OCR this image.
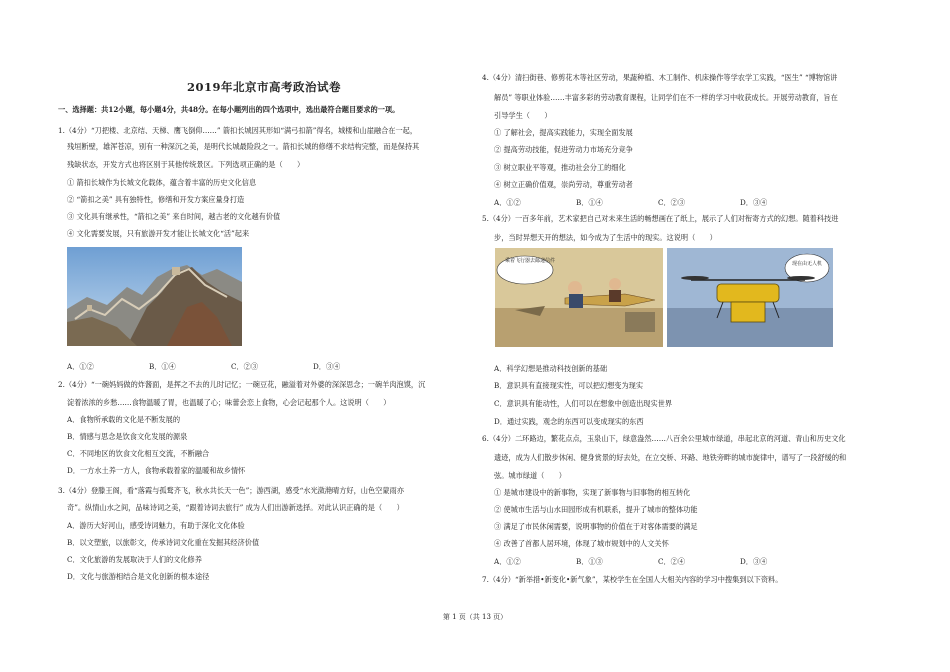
2019年北京市高考政治试卷
一、选择题：共12小题，每小题4分，共48分。在每小题列出的四个选项中，选出最符合题目要求的一项。
1.（4分）“刀把楼、北京结、天梯、鹰飞倒仰……” 箭扣长城因其形如“满弓扣箭”得名，城楼和山崖融合在一起，
残垣断壁，雄浑苍凉，别有一种深沉之美，是明代长城最险段之一。箭扣长城的修缮不求结构完整，而是保持其
残缺状态，开发方式也将区别于其他传统景区。下列选项正确的是（　　）
① 箭扣长城作为长城文化载体，蕴含着丰富的历史文化信息
② “箭扣之美” 具有独特性，修缮和开发方案应量身打造
③ 文化具有继承性，“箭扣之美” 来自时间，越古老的文化越有价值
④ 文化需要发展，只有旅游开发才能让长城文化“活”起来
A．①②	B．①④	C．②③	D．③④
2.（4分）“一碗妈妈做的炸酱面，是挥之不去的儿时记忆；一碗豆花，融溢着对外婆的深深思念；一碗羊肉泡馍，沉
淀着浓浓的乡愁……食物温暖了胃，也温暖了心；味蕾会恋上食物，心会记起那个人。这说明（　　）
A．食物所承载的文化是不断发展的
B．情感与思念是饮食文化发展的源泉
C．不同地区的饮食文化相互交流，不断融合
D．一方水土养一方人，食物承载着家的温暖和故乡情怀
3.（4分）登滕王阁，看“落霞与孤鹜齐飞，秋水共长天一色”；游西湖，感受“水光潋滟晴方好，山色空蒙雨亦
奇”。纵情山水之间，品味诗词之美，“跟着诗词去旅行” 成为人们出游新选择。对此认识正确的是（　　）
A．游历大好河山，感受诗词魅力，有助于深化文化体验
B．以文塑旅，以旅彰文，传承诗词文化重在发掘其经济价值
C．文化旅游的发展取决于人们的文化修养
D．文化与旅游相结合是文化创新的根本途径
4.（4分）清扫街巷、修剪花木等社区劳动，果蔬种植、木工制作、机床操作等学农学工实践，“医生” “博物馆讲
解员” 等职业体验……丰富多彩的劳动教育课程，让同学们在不一样的学习中收获成长。开展劳动教育，旨在
引导学生（　　）
① 了解社会，提高实践能力，实现全面发展
② 提高劳动技能，促进劳动力市场充分竞争
③ 树立职业平等观，推动社会分工的细化
④ 树立正确价值观，崇尚劳动，尊重劳动者
A．①②	B．①④	C．②③	D．③④
5.（4分）一百多年前，艺术家把自己对未来生活的畅想画在了纸上，展示了人们对衔寄方式的幻想。随着科技进
步，当时异想天开的想法，如今成为了生活中的现实。这说明（　　）
乘着飞行器去邮递信件	现在由无人机
A．科学幻想是推动科技创新的基础
B．意识具有直接现实性，可以把幻想变为现实
C．意识具有能动性，人们可以在想象中创造出现实世界
D．通过实践，观念的东西可以变成现实的东西
6.（4分）二环路边，繁花点点，玉泉山下，绿意盎然……八百余公里城市绿道，串起北京的河道、青山和历史文化
遗迹，成为人们散步休闲、健身赏景的好去处，在立交桥、环路、地铁旁畔的城市旋律中，谱写了一段舒缓的和
弦。城市绿道（　　）
① 是城市建设中的新事物，实现了新事物与旧事物的相互转化
② 使城市生活与山水田园形成有机联系，提升了城市的整体功能
③ 满足了市民休闲需要，说明事物的价值在于对客体需要的满足
④ 改善了首都人居环境，体现了城市规划中的人文关怀
A．①②	B．①③	C．②④	D．③④
7.（4分）“新举措•新变化•新气象”，某校学生在全国人大相关内容的学习中搜集到以下资料。
第 1 页（共 13 页）
